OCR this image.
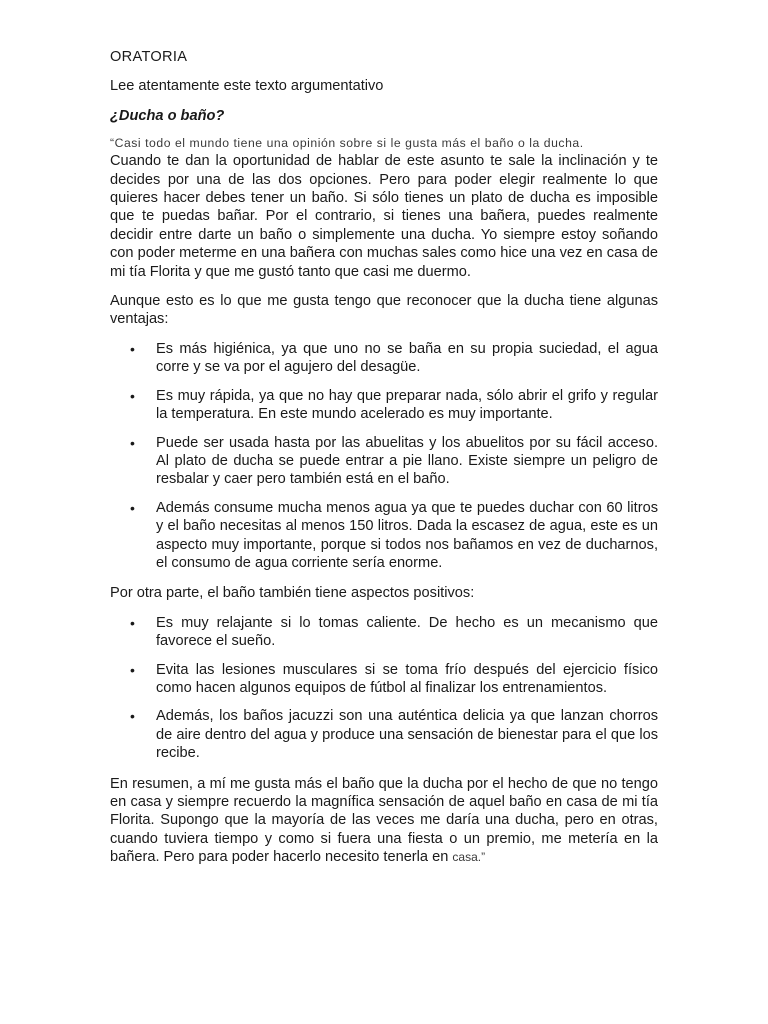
ORATORIA
Lee atentamente este texto argumentativo
¿Ducha o baño?

“Casi todo el mundo tiene una opinión sobre si le gusta más el baño o la ducha.
Cuando te dan la oportunidad de hablar de este asunto te sale la inclinación y te decides por una de las dos opciones. Pero para poder elegir realmente lo que quieres hacer debes tener un baño. Si sólo tienes un plato de ducha es imposible que te puedas bañar. Por el contrario, si tienes una bañera, puedes realmente decidir entre darte un baño o simplemente una ducha. Yo siempre estoy soñando con poder meterme en una bañera con muchas sales como hice una vez en casa de mi tía Florita y que me gustó tanto que casi me duermo.

Aunque esto es lo que me gusta tengo que reconocer que la ducha tiene algunas ventajas:

•	Es más higiénica, ya que uno no se baña en su propia suciedad, el agua corre y se va por el agujero del desagüe.
•	Es muy rápida, ya que no hay que preparar nada, sólo abrir el grifo y regular la temperatura. En este mundo acelerado es muy importante.
•	Puede ser usada hasta por las abuelitas y los abuelitos por su fácil acceso. Al plato de ducha se puede entrar a pie llano. Existe siempre un peligro de resbalar y caer pero también está en el baño.
•	Además consume mucha menos agua ya que te puedes duchar con 60 litros y el baño necesitas al menos 150 litros. Dada la escasez de agua, este es un aspecto muy importante, porque si todos nos bañamos en vez de ducharnos, el consumo de agua corriente sería enorme.

Por otra parte, el baño también tiene aspectos positivos:

•	Es muy relajante si lo tomas caliente. De hecho es un mecanismo que favorece el sueño.
•	Evita las lesiones musculares si se toma frío después del ejercicio físico como hacen algunos equipos de fútbol al finalizar los entrenamientos.
•	Además, los baños jacuzzi son una auténtica delicia ya que lanzan chorros de aire dentro del agua y produce una sensación de bienestar para el que los recibe.

En resumen, a mí me gusta más el baño que la ducha por el hecho de que no tengo en casa y siempre recuerdo la magnífica sensación de aquel baño en casa de mi tía Florita. Supongo que la mayoría de las veces me daría una ducha, pero en otras, cuando tuviera tiempo y como si fuera una fiesta o un premio, me metería en la bañera. Pero para poder hacerlo necesito tenerla en casa.”
